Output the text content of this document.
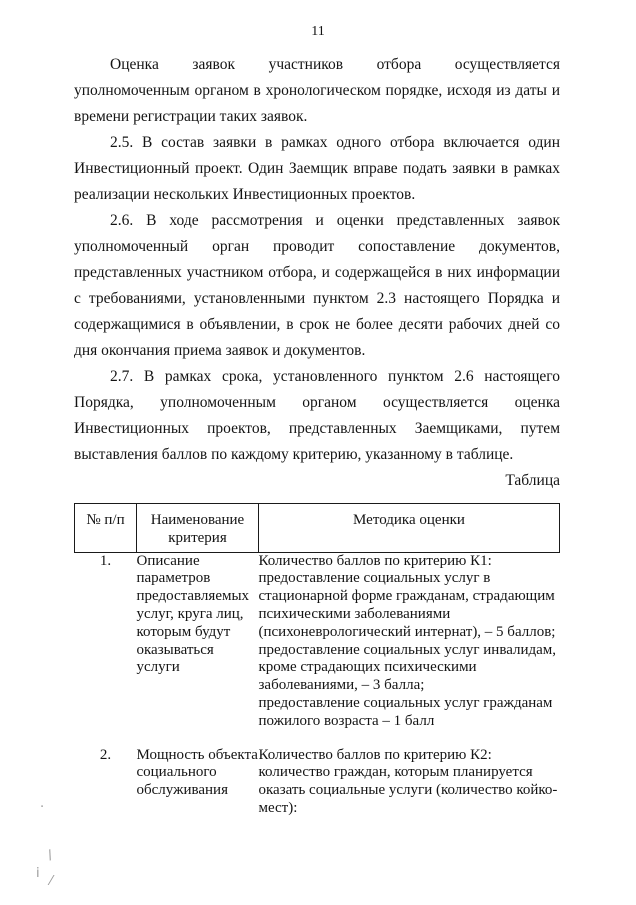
11

Оценка заявок участников отбора осуществляется уполномоченным органом в хронологическом порядке, исходя из даты и времени регистрации таких заявок.

2.5. В состав заявки в рамках одного отбора включается один Инвестиционный проект. Один Заемщик вправе подать заявки в рамках реализации нескольких Инвестиционных проектов.

2.6. В ходе рассмотрения и оценки представленных заявок уполномоченный орган проводит сопоставление документов, представленных участником отбора, и содержащейся в них информации с требованиями, установленными пунктом 2.3 настоящего Порядка и содержащимися в объявлении, в срок не более десяти рабочих дней со дня окончания приема заявок и документов.

2.7. В рамках срока, установленного пунктом 2.6 настоящего Порядка, уполномоченным органом осуществляется оценка Инвестиционных проектов, представленных Заемщиками, путем выставления баллов по каждому критерию, указанному в таблице.

Таблица

№ п/п	Наименование критерия	Методика оценки
1.	Описание параметров предоставляемых услуг, круга лиц, которым будут оказываться услуги	Количество баллов по критерию К1:
предоставление социальных услуг в стационарной форме гражданам, страдающим психическими заболеваниями (психоневрологический интернат), – 5 баллов;
предоставление социальных услуг инвалидам, кроме страдающих психическими заболеваниями, – 3 балла;
предоставление социальных услуг гражданам пожилого возраста – 1 балл

2.	Мощность объекта социального обслуживания	Количество баллов по критерию К2:
количество граждан, которым планируется оказать социальные услуги (количество койко-мест):
·
/
ⅰ
⁄
